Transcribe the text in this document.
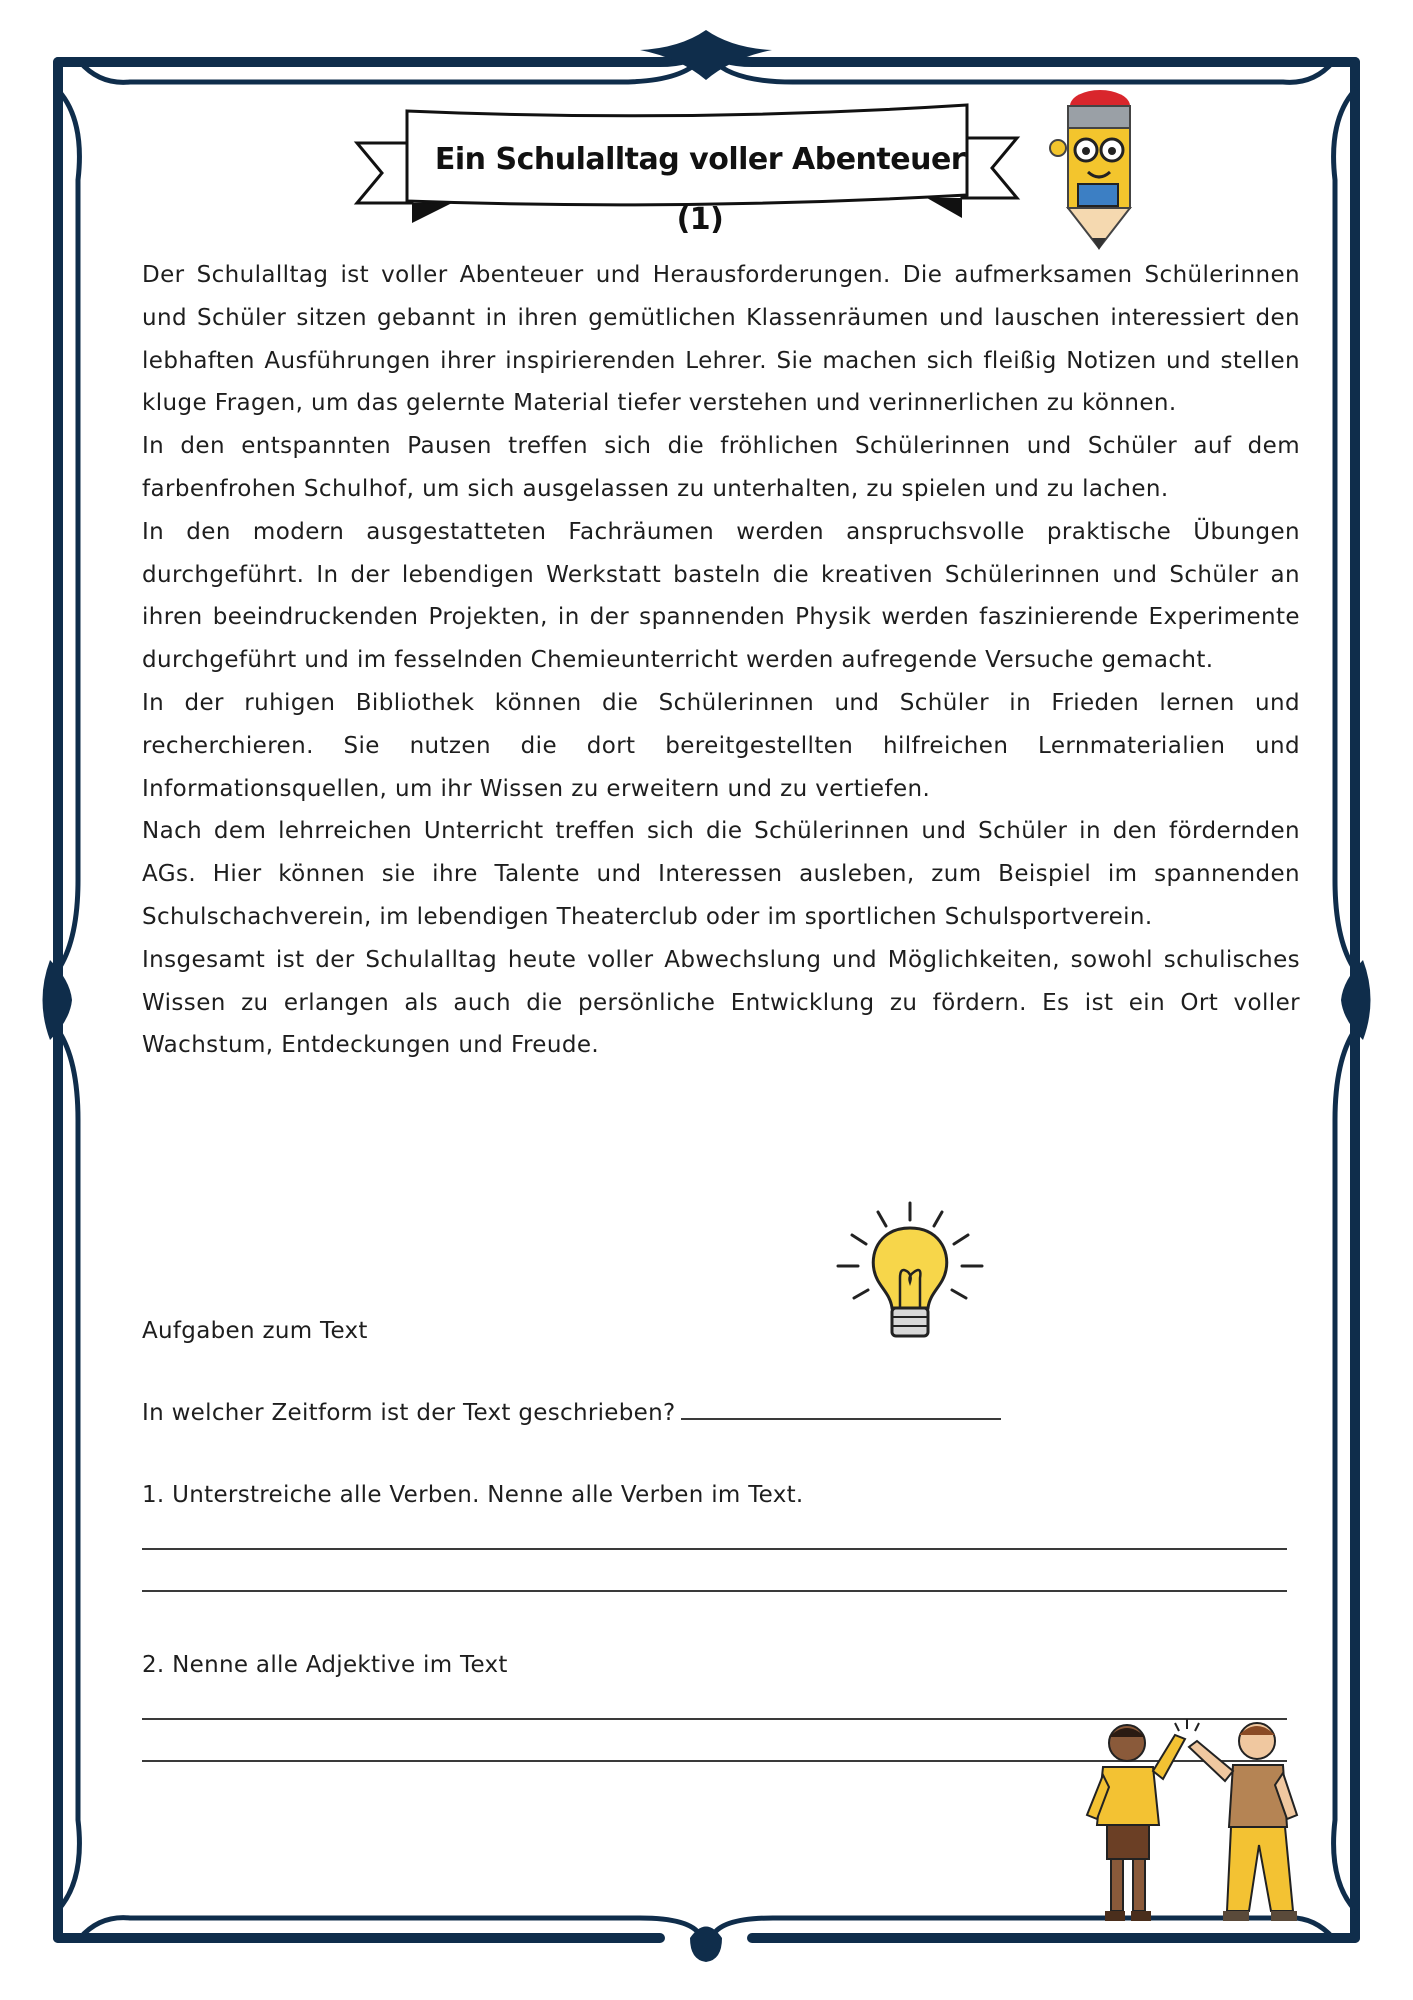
Ein Schulalltag voller Abenteuer (1)

Der Schulalltag ist voller Abenteuer und Herausforderungen. Die aufmerksamen Schülerinnen und Schüler sitzen gebannt in ihren gemütlichen Klassenräumen und lauschen interessiert den lebhaften Ausführungen ihrer inspirierenden Lehrer. Sie machen sich fleißig Notizen und stellen kluge Fragen, um das gelernte Material tiefer verstehen und verinnerlichen zu können.

In den entspannten Pausen treffen sich die fröhlichen Schülerinnen und Schüler auf dem farbenfrohen Schulhof, um sich ausgelassen zu unterhalten, zu spielen und zu lachen.

In den modern ausgestatteten Fachräumen werden anspruchsvolle praktische Übungen durchgeführt. In der lebendigen Werkstatt basteln die kreativen Schülerinnen und Schüler an ihren beeindruckenden Projekten, in der spannenden Physik werden faszinierende Experimente durchgeführt und im fesselnden Chemieunterricht werden aufregende Versuche gemacht.

In der ruhigen Bibliothek können die Schülerinnen und Schüler in Frieden lernen und recherchieren. Sie nutzen die dort bereitgestellten hilfreichen Lernmaterialien und Informationsquellen, um ihr Wissen zu erweitern und zu vertiefen.

Nach dem lehrreichen Unterricht treffen sich die Schülerinnen und Schüler in den fördernden AGs. Hier können sie ihre Talente und Interessen ausleben, zum Beispiel im spannenden Schulschachverein, im lebendigen Theaterclub oder im sportlichen Schulsportverein.

Insgesamt ist der Schulalltag heute voller Abwechslung und Möglichkeiten, sowohl schulisches Wissen zu erlangen als auch die persönliche Entwicklung zu fördern. Es ist ein Ort voller Wachstum, Entdeckungen und Freude.

Aufgaben zum Text
In welcher Zeitform ist der Text geschrieben?
1. Unterstreiche alle Verben. Nenne alle Verben im Text.
2. Nenne alle Adjektive im Text
